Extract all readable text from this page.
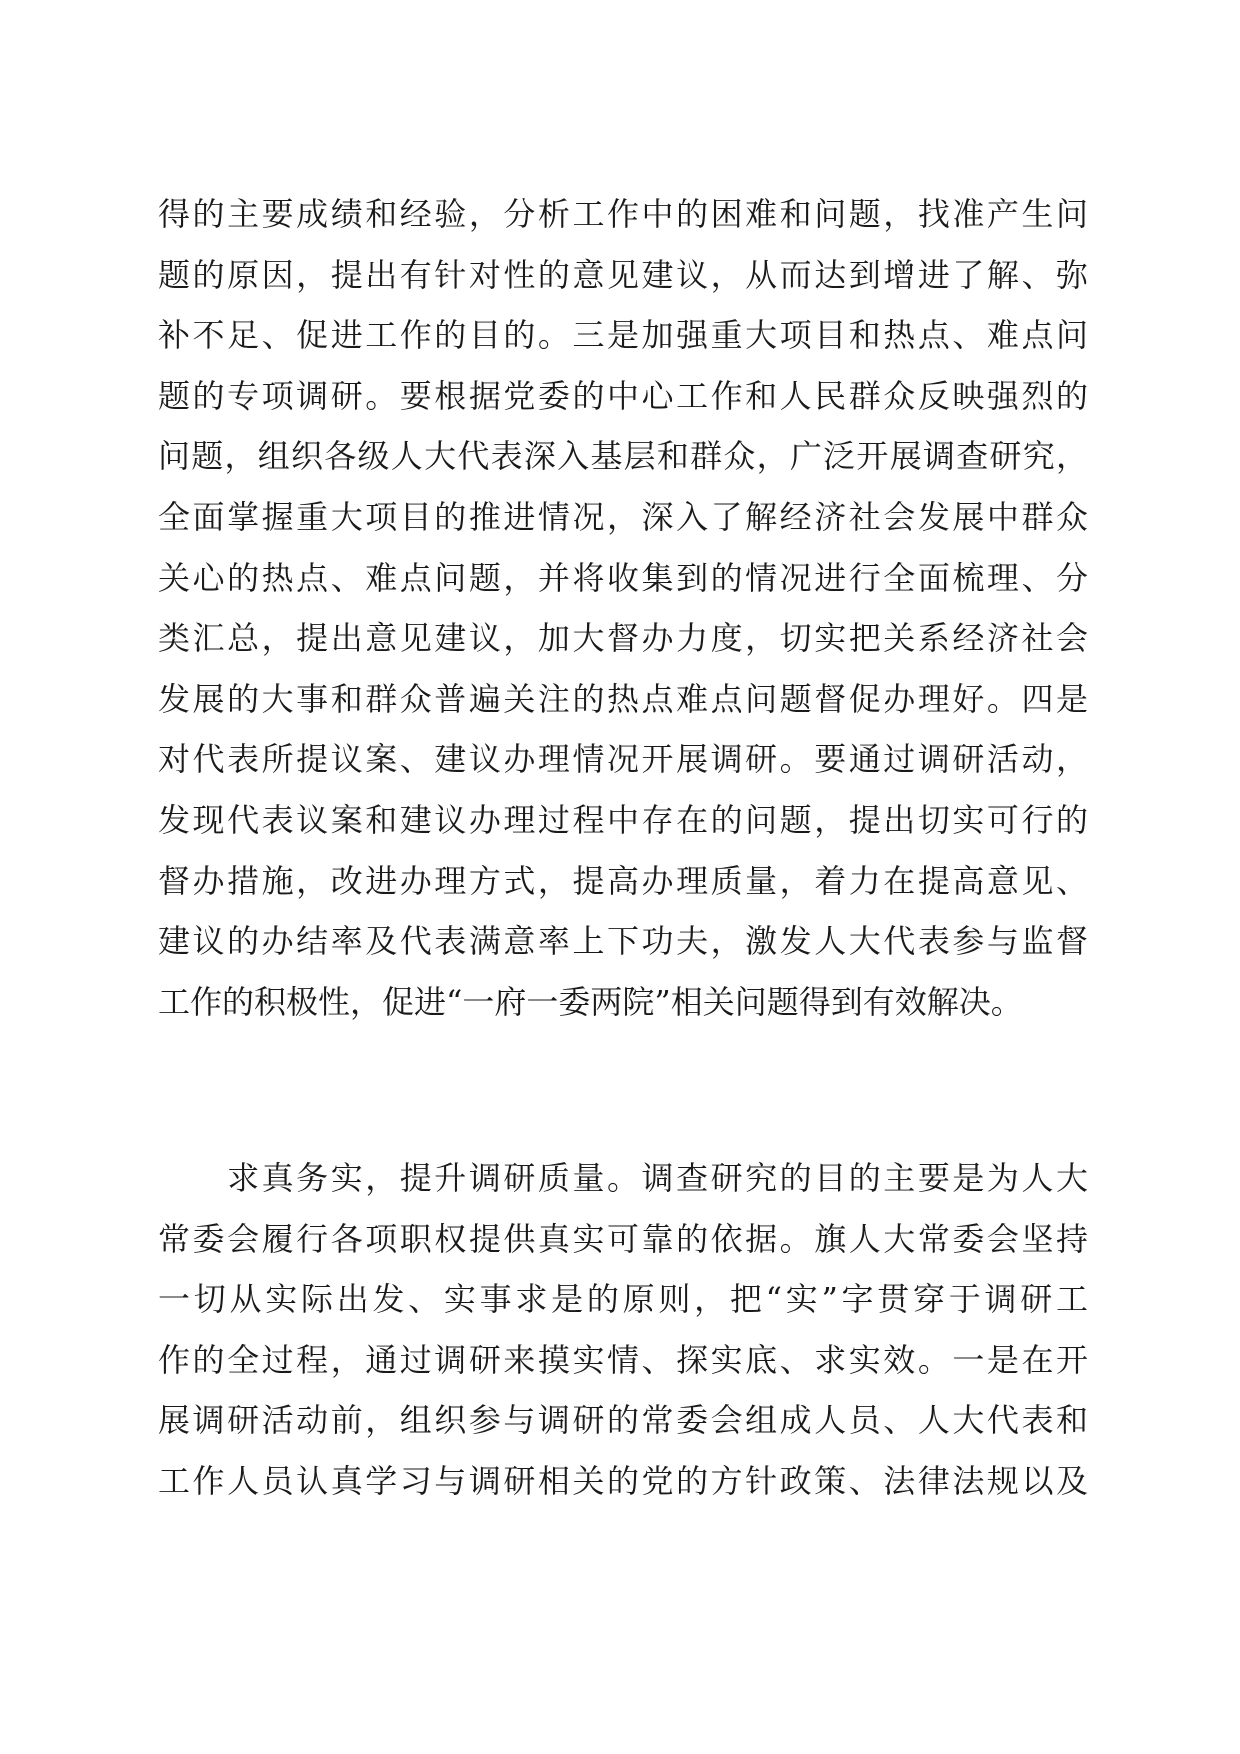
得的主要成绩和经验，分析工作中的困难和问题，找准产生问
题的原因，提出有针对性的意见建议，从而达到增进了解、弥
补不足、促进工作的目的。三是加强重大项目和热点、难点问
题的专项调研。要根据党委的中心工作和人民群众反映强烈的
问题，组织各级人大代表深入基层和群众，广泛开展调查研究，
全面掌握重大项目的推进情况，深入了解经济社会发展中群众
关心的热点、难点问题，并将收集到的情况进行全面梳理、分
类汇总，提出意见建议，加大督办力度，切实把关系经济社会
发展的大事和群众普遍关注的热点难点问题督促办理好。四是
对代表所提议案、建议办理情况开展调研。要通过调研活动，
发现代表议案和建议办理过程中存在的问题，提出切实可行的
督办措施，改进办理方式，提高办理质量，着力在提高意见、
建议的办结率及代表满意率上下功夫，激发人大代表参与监督
工作的积极性，促进“一府一委两院”相关问题得到有效解决。
　　求真务实，提升调研质量。调查研究的目的主要是为人大
常委会履行各项职权提供真实可靠的依据。旗人大常委会坚持
一切从实际出发、实事求是的原则，把“实”字贯穿于调研工
作的全过程，通过调研来摸实情、探实底、求实效。一是在开
展调研活动前，组织参与调研的常委会组成人员、人大代表和
工作人员认真学习与调研相关的党的方针政策、法律法规以及
